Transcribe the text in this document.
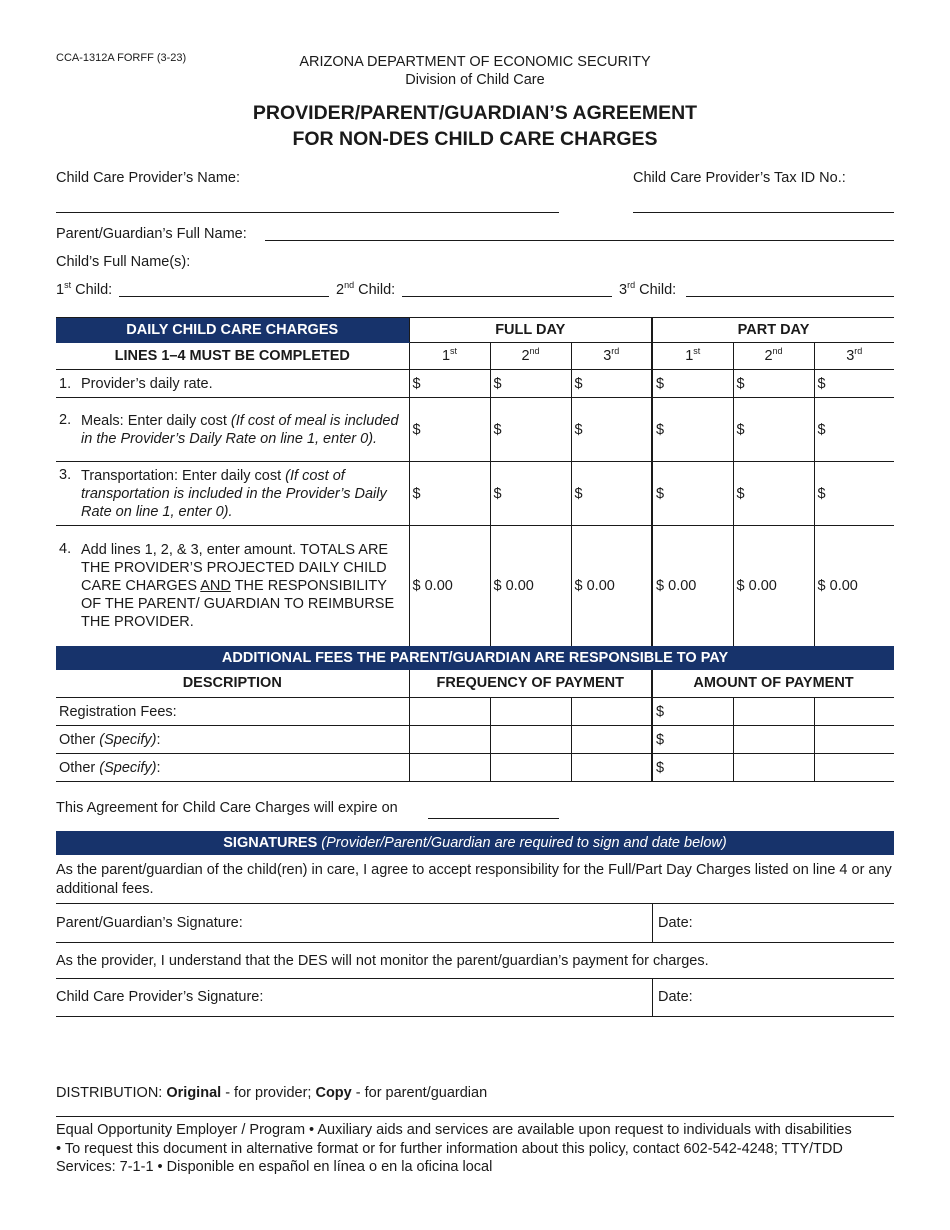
CCA-1312A FORFF (3-23)	ARIZONA DEPARTMENT OF ECONOMIC SECURITY
Division of Child Care
PROVIDER/PARENT/GUARDIAN’S AGREEMENT
FOR NON-DES CHILD CARE CHARGES
Child Care Provider’s Name:	Child Care Provider’s Tax ID No.:
Parent/Guardian’s Full Name:
Child’s Full Name(s):
1st Child:	2nd Child:	3rd Child:
DAILY CHILD CARE CHARGES	FULL DAY			PART DAY		
LINES 1–4 MUST BE COMPLETED	1st	2nd	3rd	1st	2nd	3rd
1. Provider’s daily rate.	$	$	$	$	$	$
2. Meals: Enter daily cost (If cost of meal is included in the Provider’s Daily Rate on line 1, enter 0).	$	$	$	$	$	$
3. Transportation: Enter daily cost (If cost of transportation is included in the Provider’s Daily Rate on line 1, enter 0).	$	$	$	$	$	$
4. Add lines 1, 2, & 3, enter amount. TOTALS ARE THE PROVIDER’S PROJECTED DAILY CHILD CARE CHARGES AND THE RESPONSIBILITY OF THE PARENT/ GUARDIAN TO REIMBURSE THE PROVIDER.	$ 0.00	$ 0.00	$ 0.00	$ 0.00	$ 0.00	$ 0.00
ADDITIONAL FEES THE PARENT/GUARDIAN ARE RESPONSIBLE TO PAY						
DESCRIPTION	FREQUENCY OF PAYMENT			AMOUNT OF PAYMENT		
Registration Fees:				$		
Other (Specify):				$		
Other (Specify):				$		
This Agreement for Child Care Charges will expire on
SIGNATURES (Provider/Parent/Guardian are required to sign and date below)
As the parent/guardian of the child(ren) in care, I agree to accept responsibility for the Full/Part Day Charges listed on line 4 or any additional fees.
Parent/Guardian’s Signature:	Date:
As the provider, I understand that the DES will not monitor the parent/guardian’s payment for charges.
Child Care Provider’s Signature:	Date:
DISTRIBUTION: Original - for provider; Copy - for parent/guardian
Equal Opportunity Employer / Program • Auxiliary aids and services are available upon request to individuals with disabilities • To request this document in alternative format or for further information about this policy, contact 602-542-4248; TTY/TDD Services: 7-1-1 • Disponible en español en línea o en la oficina local
